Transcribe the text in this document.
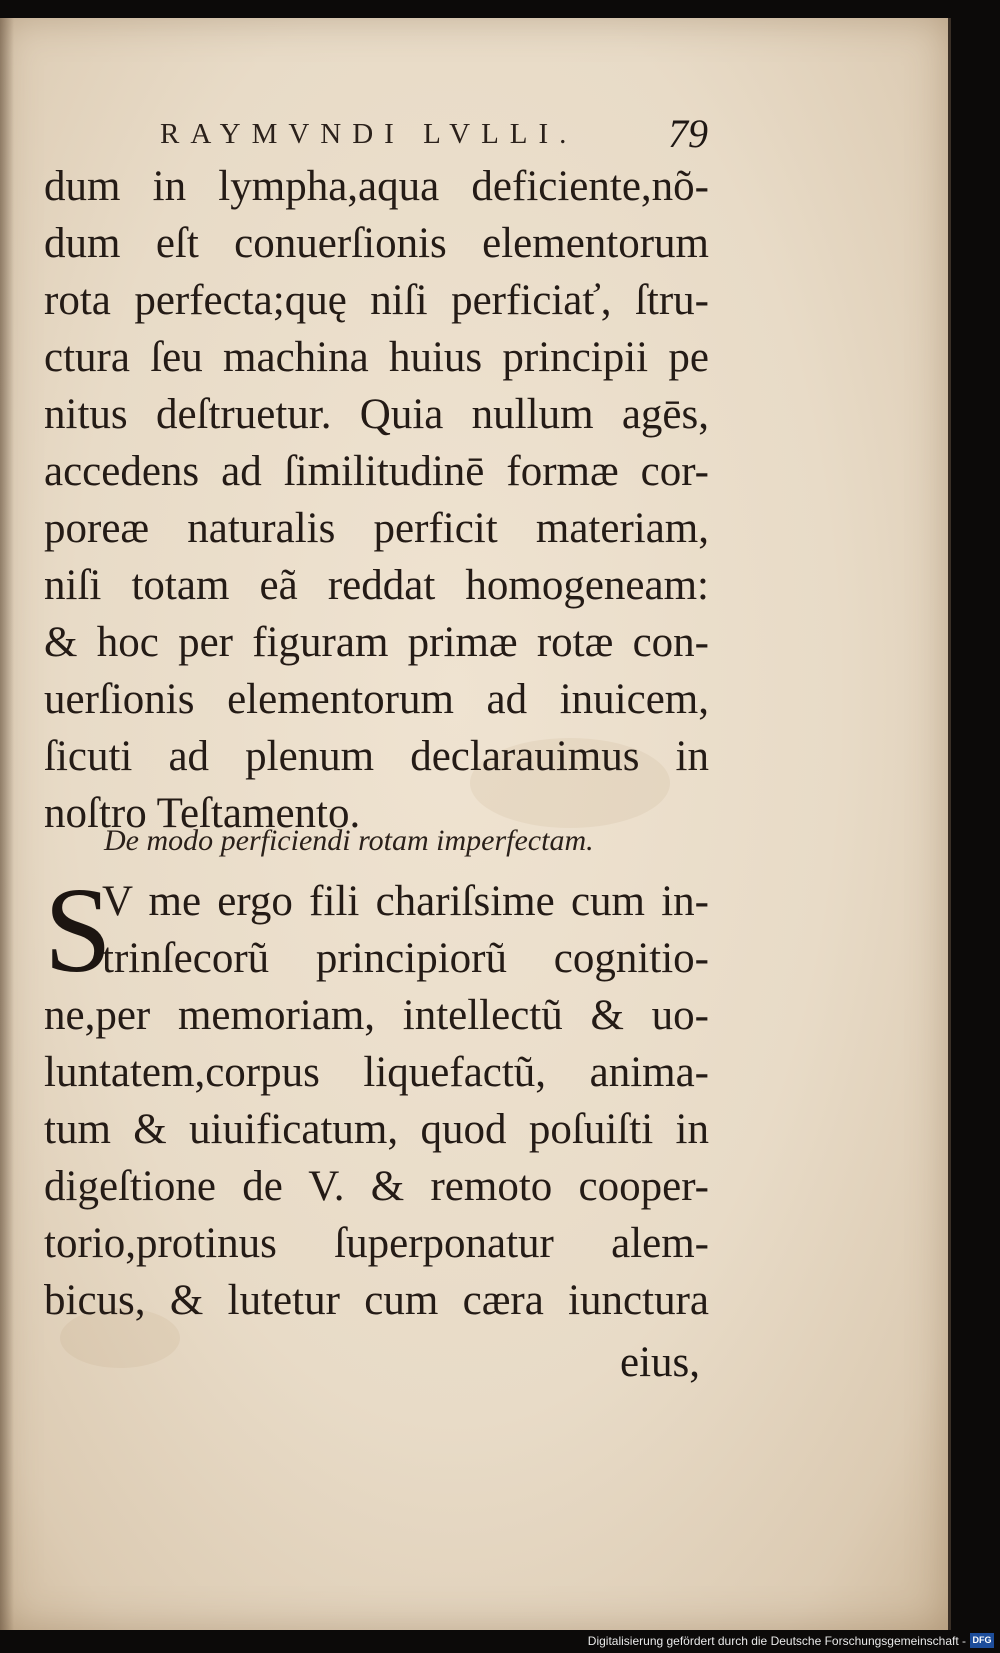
RAYMVNDI LVLLI. 79
dum in lympha,aqua deficiente,nõ-
dum eſt conuerſionis elementorum
rota perfecta;quę niſi perficiať, ſtru-
ctura ſeu machina huius principii pe
nitus deſtruetur. Quia nullum agēs,
accedens ad ſimilitudinē formæ cor-
poreæ naturalis perficit materiam,
niſi totam eã reddat homogeneam:
& hoc per figuram primæ rotæ con-
uerſionis elementorum ad inuicem,
ſicuti ad plenum declarauimus in
noſtro Teſtamento.
De modo perficiendi rotam imperfectam.
S
V me ergo fili chariſsime cum in-
trinſecorũ principiorũ cognitio-
ne,per memoriam, intellectũ & uo-
luntatem,corpus liquefactũ, anima-
tum & uiuificatum, quod poſuiſti in
digeſtione de V. & remoto cooper-
torio,protinus ſuperponatur alem-
bicus, & lutetur cum cæra iunctura
eius,
Digitalisierung gefördert durch die Deutsche Forschungsgemeinschaft - DFG
